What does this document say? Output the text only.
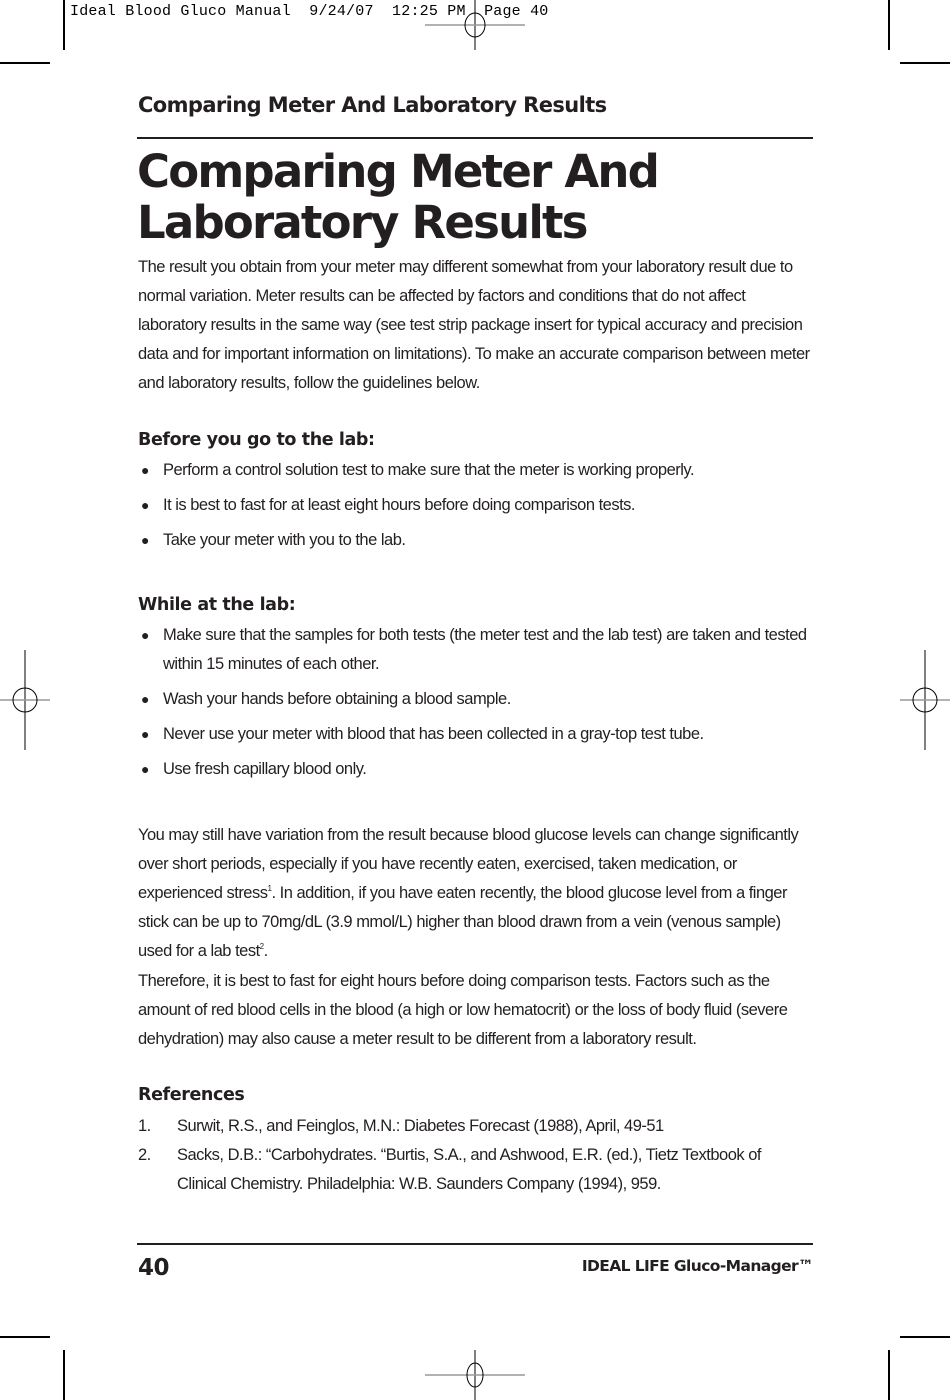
Ideal Blood Gluco Manual  9/24/07  12:25 PM  Page 40
Comparing Meter And Laboratory Results
Comparing Meter And
Laboratory Results
The result you obtain from your meter may different somewhat from your laboratory result due to normal variation. Meter results can be affected by factors and conditions that do not affect laboratory results in the same way (see test strip package insert for typical accuracy and precision data and for important information on limitations). To make an accurate comparison between meter and laboratory results, follow the guidelines below.
Before you go to the lab:
● Perform a control solution test to make sure that the meter is working properly.
● It is best to fast for at least eight hours before doing comparison tests.
● Take your meter with you to the lab.
While at the lab:
● Make sure that the samples for both tests (the meter test and the lab test) are taken and tested within 15 minutes of each other.
● Wash your hands before obtaining a blood sample.
● Never use your meter with blood that has been collected in a gray-top test tube.
● Use fresh capillary blood only.
You may still have variation from the result because blood glucose levels can change significantly over short periods, especially if you have recently eaten, exercised, taken medication, or experienced stress$^1$. In addition, if you have eaten recently, the blood glucose level from a finger stick can be up to 70mg/dL (3.9 mmol/L) higher than blood drawn from a vein (venous sample) used for a lab test$^2$.
Therefore, it is best to fast for eight hours before doing comparison tests. Factors such as the amount of red blood cells in the blood (a high or low hematocrit) or the loss of body fluid (severe dehydration) may also cause a meter result to be different from a laboratory result.
References
1. Surwit, R.S., and Feinglos, M.N.: Diabetes Forecast (1988), April, 49-51
2. Sacks, D.B.: “Carbohydrates. “Burtis, S.A., and Ashwood, E.R. (ed.), Tietz Textbook of Clinical Chemistry. Philadelphia: W.B. Saunders Company (1994), 959.
40	IDEAL LIFE Gluco-Manager™
